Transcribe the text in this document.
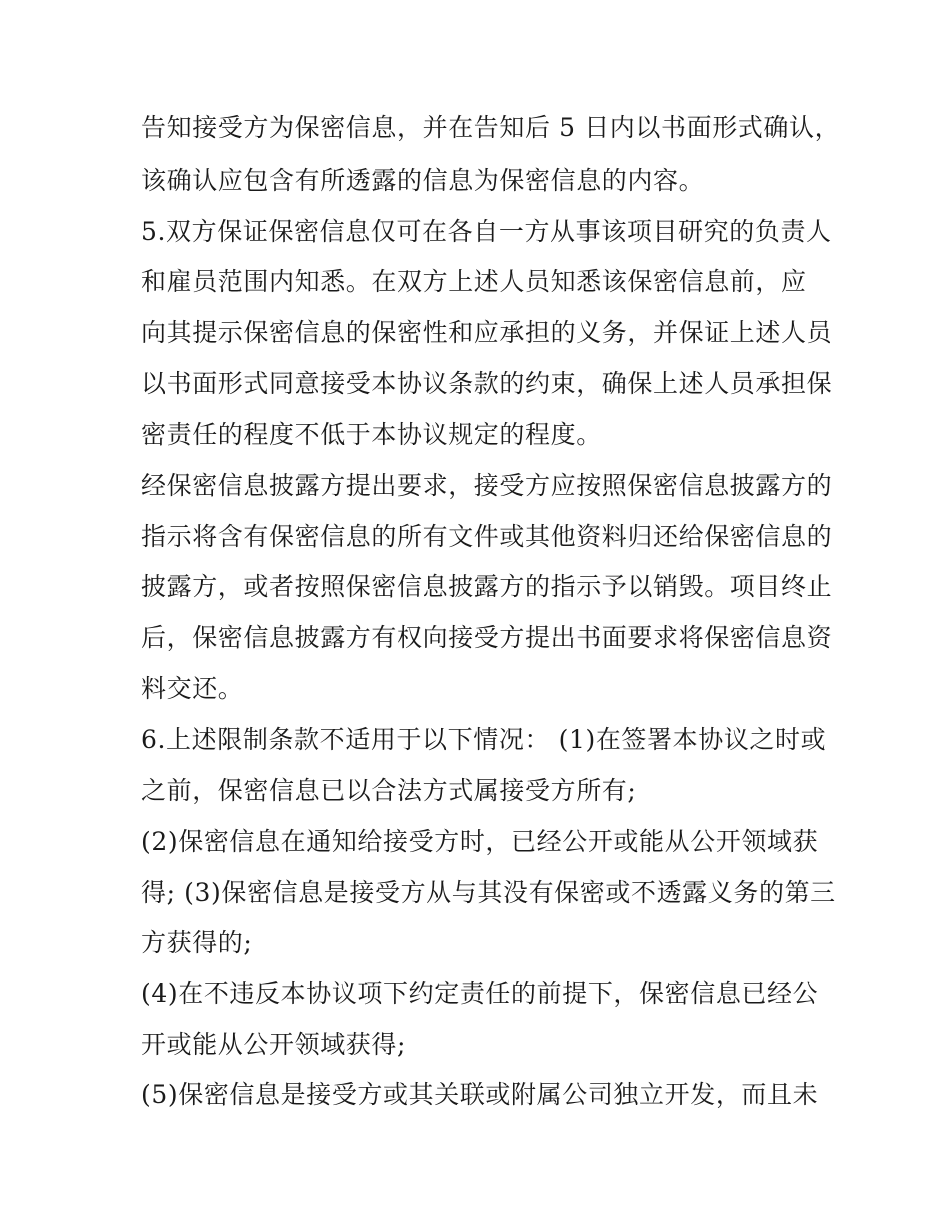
告知接受方为保密信息，并在告知后 5 日内以书面形式确认，
该确认应包含有所透露的信息为保密信息的内容。
5.双方保证保密信息仅可在各自一方从事该项目研究的负责人
和雇员范围内知悉。在双方上述人员知悉该保密信息前，应
向其提示保密信息的保密性和应承担的义务，并保证上述人员
以书面形式同意接受本协议条款的约束，确保上述人员承担保
密责任的程度不低于本协议规定的程度。
经保密信息披露方提出要求，接受方应按照保密信息披露方的
指示将含有保密信息的所有文件或其他资料归还给保密信息的
披露方，或者按照保密信息披露方的指示予以销毁。项目终止
后，保密信息披露方有权向接受方提出书面要求将保密信息资
料交还。
6.上述限制条款不适用于以下情况： (1)在签署本协议之时或
之前，保密信息已以合法方式属接受方所有;
(2)保密信息在通知给接受方时，已经公开或能从公开领域获
得; (3)保密信息是接受方从与其没有保密或不透露义务的第三
方获得的;
(4)在不违反本协议项下约定责任的前提下，保密信息已经公
开或能从公开领域获得;
(5)保密信息是接受方或其关联或附属公司独立开发，而且未
